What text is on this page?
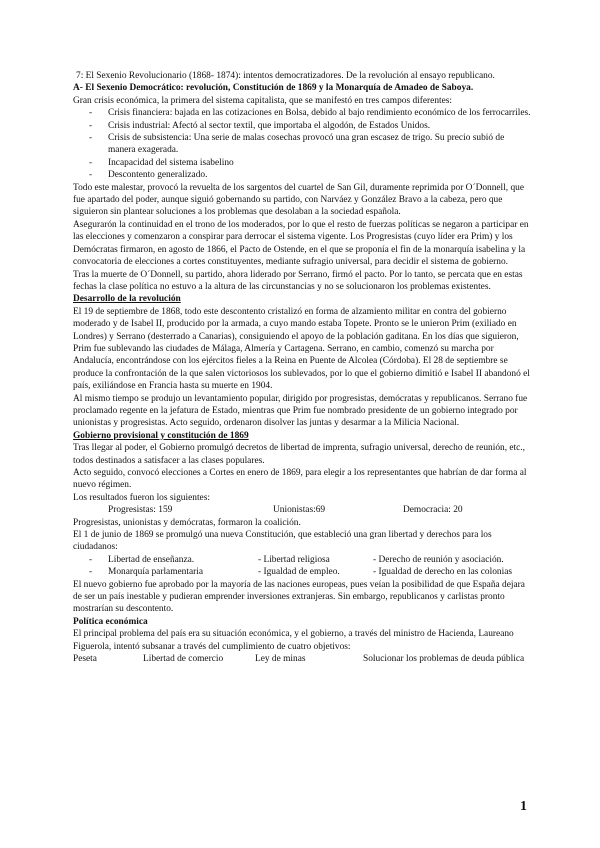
7: El Sexenio Revolucionario (1868- 1874): intentos democratizadores. De la revolución al ensayo republicano.

A- El Sexenio Democrático: revolución, Constitución de 1869 y la Monarquía de Amadeo de Saboya.

Gran crisis económica, la primera del sistema capitalista, que se manifestó en tres campos diferentes:

- Crisis financiera: bajada en las cotizaciones en Bolsa, debido al bajo rendimiento económico de los ferrocarriles.
- Crisis industrial: Afectó al sector textil, que importaba el algodón, de Estados Unidos.
- Crisis de subsistencia: Una serie de malas cosechas provocó una gran escasez de trigo. Su precio subió de manera exagerada.
- Incapacidad del sistema isabelino
- Descontento generalizado.

Todo este malestar, provocó la revuelta de los sargentos del cuartel de San Gil, duramente reprimida por O´Donnell, que fue apartado del poder, aunque siguió gobernando su partido, con Narváez y González Bravo a la cabeza, pero que siguieron sin plantear soluciones a los problemas que desolaban a la sociedad española.

Asegurarón la continuidad en el trono de los moderados, por lo que el resto de fuerzas políticas se negaron a participar en las elecciones y comenzaron a conspirar para derrocar el sistema vigente. Los Progresistas (cuyo líder era Prim) y los Demócratas firmaron, en agosto de 1866, el Pacto de Ostende, en el que se proponía el fin de la monarquía isabelina y la convocatoria de elecciones a cortes constituyentes, mediante sufragio universal, para decidir el sistema de gobierno.

Tras la muerte de O´Donnell, su partido, ahora liderado por Serrano, firmó el pacto. Por lo tanto, se percata que en estas fechas la clase política no estuvo a la altura de las circunstancias y no se solucionaron los problemas existentes.

Desarrollo de la revolución

El 19 de septiembre de 1868, todo este descontento cristalizó en forma de alzamiento militar en contra del gobierno moderado y de Isabel II, producido por la armada, a cuyo mando estaba Topete. Pronto se le unieron Prim (exiliado en Londres) y Serrano (desterrado a Canarias), consiguiendo el apoyo de la población gaditana. En los días que siguieron, Prim fue sublevando las ciudades de Málaga, Almería y Cartagena. Serrano, en cambio, comenzó su marcha por Andalucía, encontrándose con los ejércitos fieles a la Reina en Puente de Alcolea (Córdoba). El 28 de septiembre se produce la confrontación de la que salen victoriosos los sublevados, por lo que el gobierno dimitió e Isabel II abandonó el país, exiliándose en Francia hasta su muerte en 1904.

Al mismo tiempo se produjo un levantamiento popular, dirigido por progresistas, demócratas y republicanos. Serrano fue proclamado regente en la jefatura de Estado, mientras que Prim fue nombrado presidente de un gobierno integrado por unionistas y progresistas. Acto seguido, ordenaron disolver las juntas y desarmar a la Milicia Nacional.

Gobierno provisional y constitución de 1869

Tras llegar al poder, el Gobierno promulgó decretos de libertad de imprenta, sufragio universal, derecho de reunión, etc., todos destinados a satisfacer a las clases populares.

Acto seguido, convocó elecciones a Cortes en enero de 1869, para elegir a los representantes que habrían de dar forma al nuevo régimen.

Los resultados fueron los siguientes:

Progresistas: 159	Unionistas:69	Democracia: 20

Progresistas, unionistas y demócratas, formaron la coalición.

El 1 de junio de 1869 se promulgó una nueva Constitución, que estableció una gran libertad y derechos para los ciudadanos:

- Libertad de enseñanza.	- Libertad religiosa	- Derecho de reunión y asociación.
- Monarquía parlamentaria	- Igualdad de empleo.	- Igualdad de derecho en las colonias

El nuevo gobierno fue aprobado por la mayoría de las naciones europeas, pues veían la posibilidad de que España dejara de ser un país inestable y pudieran emprender inversiones extranjeras. Sin embargo, republicanos y carlistas pronto mostrarían su descontento.

Política económica

El principal problema del país era su situación económica, y el gobierno, a través del ministro de Hacienda, Laureano Figuerola, intentó subsanar a través del cumplimiento de cuatro objetivos:

Peseta	Libertad de comercio	Ley de minas	Solucionar los problemas de deuda pública
1
